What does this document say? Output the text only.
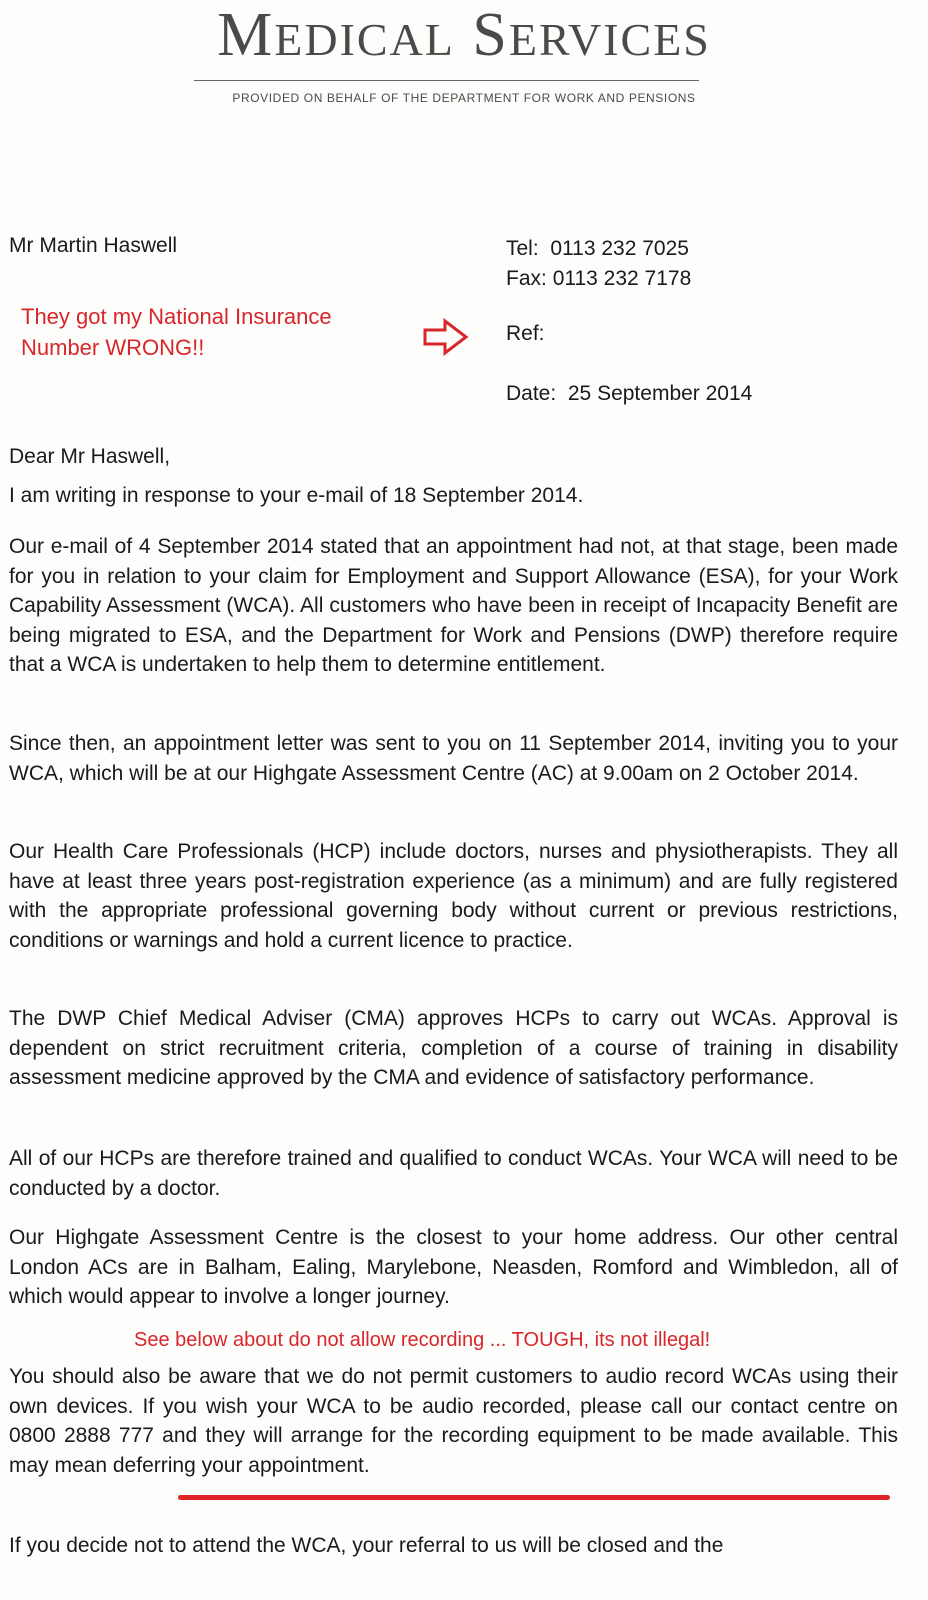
MEDICAL SERVICES
PROVIDED ON BEHALF OF THE DEPARTMENT FOR WORK AND PENSIONS
Mr Martin Haswell	Tel: 0113 232 7025
Fax: 0113 232 7178
They got my National Insurance
Number WRONG!!
Ref:
Date: 25 September 2014
Dear Mr Haswell,
I am writing in response to your e-mail of 18 September 2014.
Our e-mail of 4 September 2014 stated that an appointment had not, at that stage, been made for you in relation to your claim for Employment and Support Allowance (ESA), for your Work Capability Assessment (WCA). All customers who have been in receipt of Incapacity Benefit are being migrated to ESA, and the Department for Work and Pensions (DWP) therefore require that a WCA is undertaken to help them to determine entitlement.
Since then, an appointment letter was sent to you on 11 September 2014, inviting you to your WCA, which will be at our Highgate Assessment Centre (AC) at 9.00am on 2 October 2014.
Our Health Care Professionals (HCP) include doctors, nurses and physiotherapists. They all have at least three years post-registration experience (as a minimum) and are fully registered with the appropriate professional governing body without current or previous restrictions, conditions or warnings and hold a current licence to practice.
The DWP Chief Medical Adviser (CMA) approves HCPs to carry out WCAs. Approval is dependent on strict recruitment criteria, completion of a course of training in disability assessment medicine approved by the CMA and evidence of satisfactory performance.
All of our HCPs are therefore trained and qualified to conduct WCAs. Your WCA will need to be conducted by a doctor.
Our Highgate Assessment Centre is the closest to your home address. Our other central London ACs are in Balham, Ealing, Marylebone, Neasden, Romford and Wimbledon, all of which would appear to involve a longer journey.
See below about do not allow recording ... TOUGH, its not illegal!
You should also be aware that we do not permit customers to audio record WCAs using their own devices. If you wish your WCA to be audio recorded, please call our contact centre on 0800 2888 777 and they will arrange for the recording equipment to be made available. This may mean deferring your appointment.
If you decide not to attend the WCA, your referral to us will be closed and the
